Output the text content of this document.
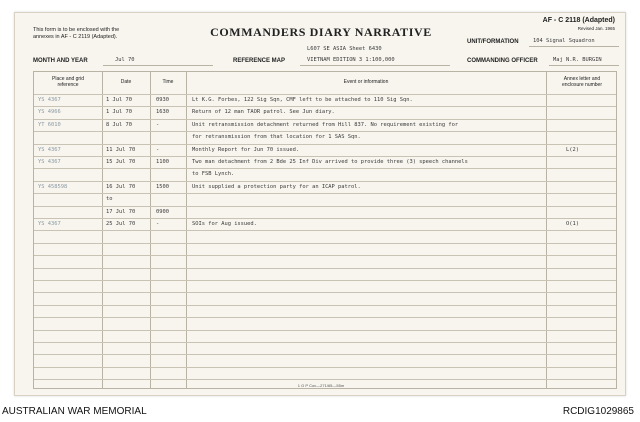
This form is to be enclosed with the
annexes in AF - C 2119 (Adapted).	COMMANDERS DIARY NARRATIVE
AF - C 2118 (Adapted)
Revised Jan. 1965
MONTH AND YEAR	Jul 70
L607 SE ASIA Sheet 6430
REFERENCE MAP	VIETNAM EDITION 3 1:100,000
UNIT/FORMATION	104 Signal Squadron
COMMANDING OFFICER	Maj N.R. BURGIN
Place and grid
reference	Date	Time	Event or information	Annex letter and
enclosure number
YS 4367	1 Jul 70	0930	Lt K.G. Forbes, 122 Sig Sqn, CMF left to be attached to 110 Sig Sqn.
YS 4966	1 Jul 70	1630	Return of 12 man TAOR patrol. See Jun diary.
YT 6010	8 Jul 70	-	Unit retransmission detachment returned from Hill 837. No requirement existing for
for retransmission from that location for 1 SAS Sqn.
YS 4367	11 Jul 70	-	Monthly Report for Jun 70 issued.	L(2)
YS 4367	15 Jul 70	1100	Two man detachment from 2 Bde 25 Inf Div arrived to provide three (3) speech channels
to FSB Lynch.
YS 458598	16 Jul 70	1500	Unit supplied a protection party for an ICAP patrol.
to
17 Jul 70	0900
YS 4367	25 Jul 70	-	SOIs for Aug issued.	O(1)
1 G P Cov—271/65—55m
AUSTRALIAN WAR MEMORIAL	RCDIG1029865
